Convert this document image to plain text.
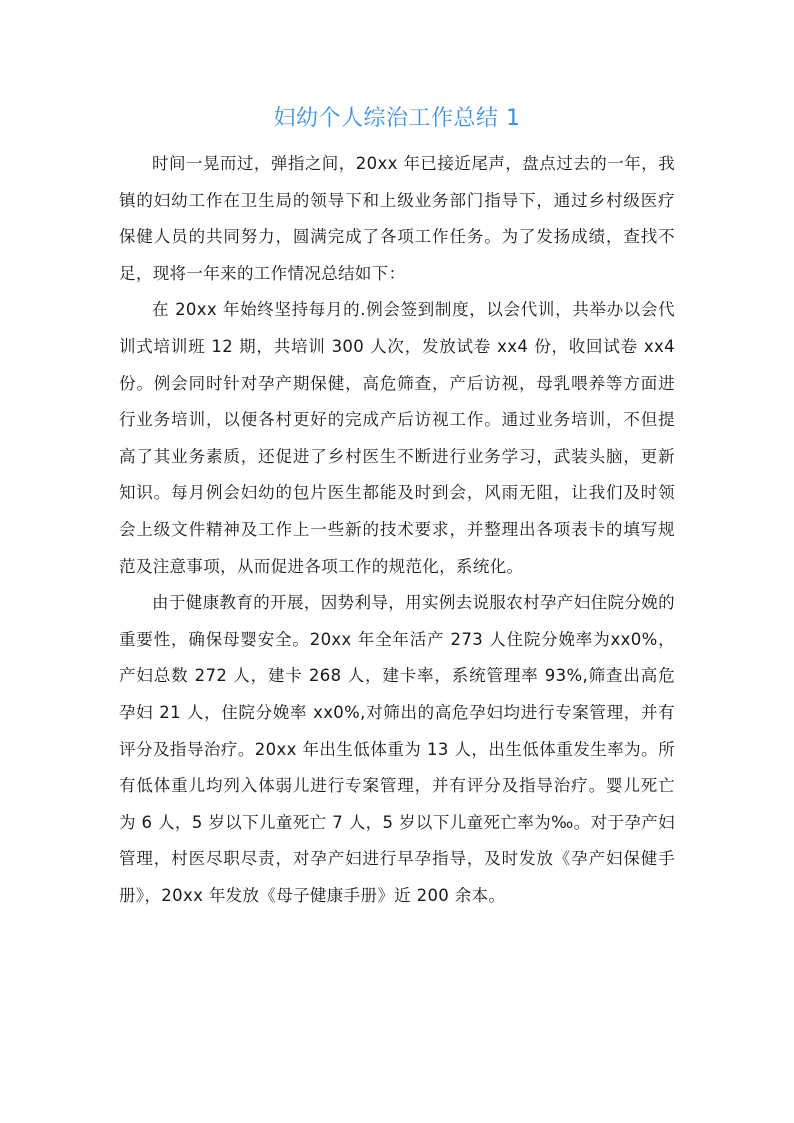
妇幼个人综治工作总结 1

时间一晃而过，弹指之间，20xx 年已接近尾声，盘点过去的一年，我镇的妇幼工作在卫生局的领导下和上级业务部门指导下，通过乡村级医疗保健人员的共同努力，圆满完成了各项工作任务。为了发扬成绩，查找不足，现将一年来的工作情况总结如下：

在 20xx 年始终坚持每月的.例会签到制度，以会代训，共举办以会代训式培训班 12 期，共培训 300 人次，发放试卷 xx4 份，收回试卷 xx4份。例会同时针对孕产期保健，高危筛查，产后访视，母乳喂养等方面进行业务培训，以便各村更好的完成产后访视工作。通过业务培训，不但提高了其业务素质，还促进了乡村医生不断进行业务学习，武装头脑，更新知识。每月例会妇幼的包片医生都能及时到会，风雨无阻，让我们及时领会上级文件精神及工作上一些新的技术要求，并整理出各项表卡的填写规范及注意事项，从而促进各项工作的规范化，系统化。

由于健康教育的开展，因势利导，用实例去说服农村孕产妇住院分娩的重要性，确保母婴安全。20xx 年全年活产 273 人住院分娩率为xx0%，产妇总数 272 人，建卡 268 人，建卡率，系统管理率 93%,筛查出高危孕妇 21 人，住院分娩率 xx0%,对筛出的高危孕妇均进行专案管理，并有评分及指导治疗。20xx 年出生低体重为 13 人，出生低体重发生率为。所有低体重儿均列入体弱儿进行专案管理，并有评分及指导治疗。婴儿死亡为 6 人，5 岁以下儿童死亡 7 人，5 岁以下儿童死亡率为‰。对于孕产妇管理，村医尽职尽责，对孕产妇进行早孕指导，及时发放《孕产妇保健手册》，20xx 年发放《母子健康手册》近 200 余本。
